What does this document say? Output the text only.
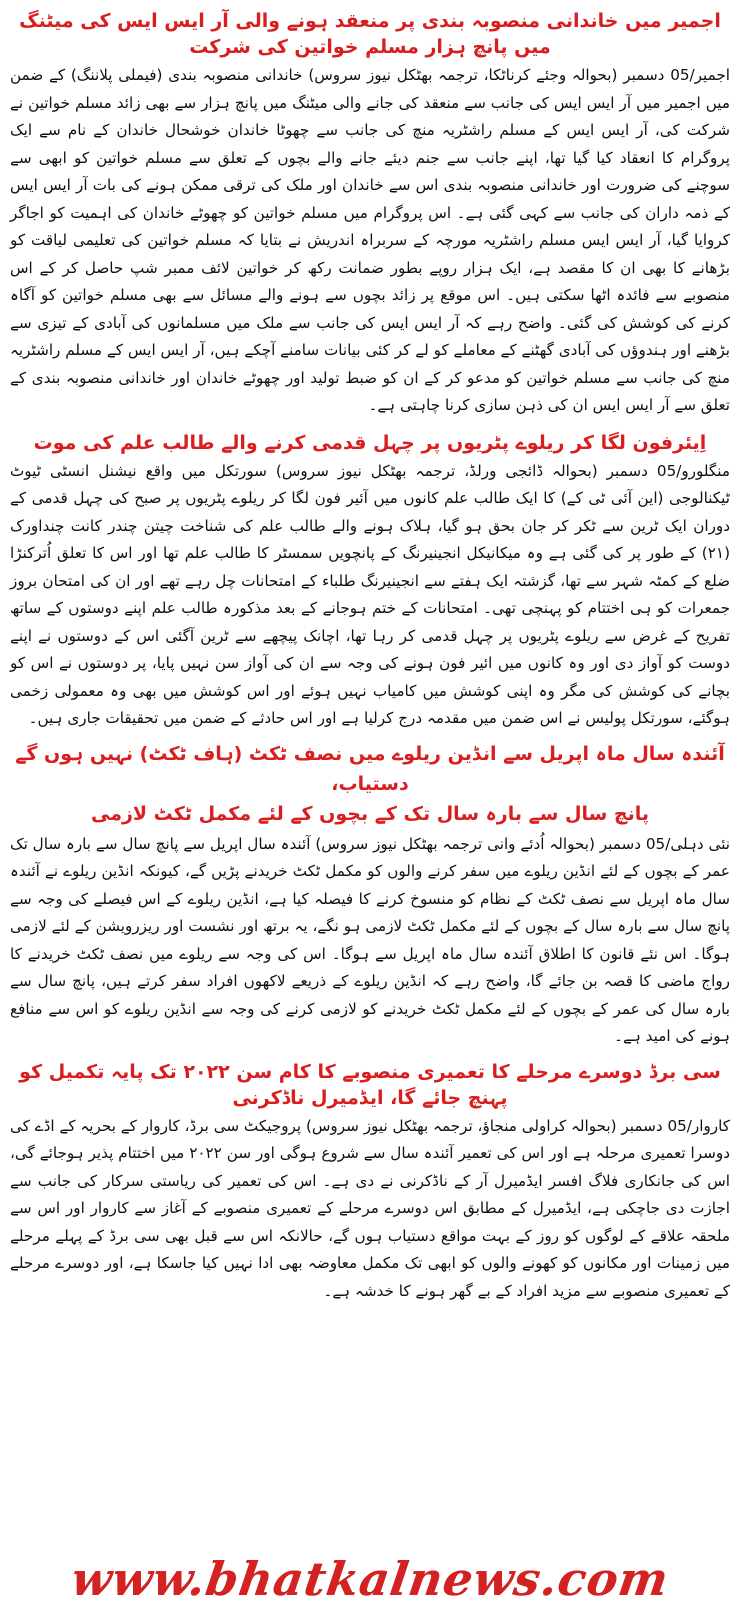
اجمیر میں خاندانی منصوبہ بندی پر منعقد ہونے والی آر ایس ایس کی میٹنگ میں پانچ ہزار مسلم خواتین کی شرکت

اجمیر/05 دسمبر (بحوالہ وجئے کرناٹکا، ترجمہ بھٹکل نیوز سروس) خاندانی منصوبہ بندی (فیملی پلاننگ) کے ضمن میں اجمیر میں آر ایس ایس کی جانب سے منعقد کی جانے والی میٹنگ میں پانچ ہزار سے بھی زائد مسلم خواتین نے شرکت کی، آر ایس ایس کے مسلم راشٹریہ منچ کی جانب سے چھوٹا خاندان خوشحال خاندان کے نام سے ایک پروگرام کا انعقاد کیا گیا تھا، اپنے جانب سے جنم دیئے جانے والے بچوں کے تعلق سے مسلم خواتین کو ابھی سے سوچنے کی ضرورت اور خاندانی منصوبہ بندی اس سے خاندان اور ملک کی ترقی ممکن ہونے کی بات آر ایس ایس کے ذمہ داران کی جانب سے کہی گئی ہے۔ اس پروگرام میں مسلم خواتین کو چھوٹے خاندان کی اہمیت کو اجاگر کروایا گیا، آر ایس ایس مسلم راشٹریہ مورچہ کے سربراہ اندریش نے بتایا کہ مسلم خواتین کی تعلیمی لیاقت کو بڑھانے کا بھی ان کا مقصد ہے، ایک ہزار روپے بطور ضمانت رکھ کر خواتین لائف ممبر شپ حاصل کر کے اس منصوبے سے فائدہ اٹھا سکتی ہیں۔ اس موقع پر زائد بچوں سے ہونے والے مسائل سے بھی مسلم خواتین کو آگاہ کرنے کی کوشش کی گئی۔ واضح رہے کہ آر ایس ایس کی جانب سے ملک میں مسلمانوں کی آبادی کے تیزی سے بڑھنے اور ہندوؤں کی آبادی گھٹنے کے معاملے کو لے کر کئی بیانات سامنے آچکے ہیں، آر ایس ایس کے مسلم راشٹریہ منچ کی جانب سے مسلم خواتین کو مدعو کر کے ان کو ضبط تولید اور چھوٹے خاندان اور خاندانی منصوبہ بندی کے تعلق سے آر ایس ایس ان کی ذہن سازی کرنا چاہتی ہے۔

اِیئرفون لگا کر ریلوے پٹریوں پر چہل قدمی کرنے والے طالب علم کی موت

منگلورو/05 دسمبر (بحوالہ ڈائجی ورلڈ، ترجمہ بھٹکل نیوز سروس) سورتکل میں واقع نیشنل انسٹی ٹیوٹ ٹیکنالوجی (این آئی ٹی کے) کا ایک طالب علم کانوں میں آئیر فون لگا کر ریلوے پٹریوں پر صبح کی چہل قدمی کے دوران ایک ٹرین سے ٹکر کر جان بحق ہو گیا، ہلاک ہونے والے طالب علم کی شناخت چیتن چندر کانت چنداورک (۲۱) کے طور پر کی گئی ہے وہ میکانیکل انجینیرنگ کے پانچویں سمسٹر کا طالب علم تھا اور اس کا تعلق اُترکنڑا ضلع کے کمٹہ شہر سے تھا، گزشتہ ایک ہفتے سے انجینیرنگ طلباء کے امتحانات چل رہے تھے اور ان کی امتحان بروز جمعرات کو ہی اختتام کو پہنچی تھی۔ امتحانات کے ختم ہوجانے کے بعد مذکورہ طالب علم اپنے دوستوں کے ساتھ تفریح کے غرض سے ریلوے پٹریوں پر چہل قدمی کر رہا تھا، اچانک پیچھے سے ٹرین آگئی اس کے دوستوں نے اپنے دوست کو آواز دی اور وہ کانوں میں ائیر فون ہونے کی وجہ سے ان کی آواز سن نہیں پایا، پر دوستوں نے اس کو بچانے کی کوشش کی مگر وہ اپنی کوشش میں کامیاب نہیں ہوئے اور اس کوشش میں بھی وہ معمولی زخمی ہوگئے، سورتکل پولیس نے اس ضمن میں مقدمہ درج کرلیا ہے اور اس حادثے کے ضمن میں تحقیقات جاری ہیں۔

آئندہ سال ماہ اپریل سے انڈین ریلوے میں نصف ٹکٹ (ہاف ٹکٹ) نہیں ہوں گے دستیاب،
پانچ سال سے بارہ سال تک کے بچوں کے لئے مکمل ٹکٹ لازمی

نئی دہلی/05 دسمبر (بحوالہ اُدئے وانی ترجمہ بھٹکل نیوز سروس) آئندہ سال اپریل سے پانچ سال سے بارہ سال تک عمر کے بچوں کے لئے انڈین ریلوے میں سفر کرنے والوں کو مکمل ٹکٹ خریدنے پڑیں گے، کیونکہ انڈین ریلوے نے آئندہ سال ماہ اپریل سے نصف ٹکٹ کے نظام کو منسوخ کرنے کا فیصلہ کیا ہے، انڈین ریلوے کے اس فیصلے کی وجہ سے پانچ سال سے بارہ سال کے بچوں کے لئے مکمل ٹکٹ لازمی ہو نگے، یہ برتھ اور نشست اور ریزرویشن کے لئے لازمی ہوگا۔ اس نئے قانون کا اطلاق آئندہ سال ماہ اپریل سے ہوگا۔ اس کی وجہ سے ریلوے میں نصف ٹکٹ خریدنے کا رواج ماضی کا قصہ بن جائے گا، واضح رہے کہ انڈین ریلوے کے ذریعے لاکھوں افراد سفر کرتے ہیں، پانچ سال سے بارہ سال کی عمر کے بچوں کے لئے مکمل ٹکٹ خریدنے کو لازمی کرنے کی وجہ سے انڈین ریلوے کو اس سے منافع ہونے کی امید ہے۔

سی برڈ دوسرے مرحلے کا تعمیری منصوبے کا کام سن ۲۰۲۲ تک پایہ تکمیل کو پہنچ جائے گا، ایڈمیرل ناڈکرنی

کاروار/05 دسمبر (بحوالہ کراولی منجاؤ، ترجمہ بھٹکل نیوز سروس) پروجیکٹ سی برڈ، کاروار کے بحریہ کے اڈے کی دوسرا تعمیری مرحلہ ہے اور اس کی تعمیر آئندہ سال سے شروع ہوگی اور سن ۲۰۲۲ میں اختتام پذیر ہوجائے گی، اس کی جانکاری فلاگ افسر ایڈمیرل آر کے ناڈکرنی نے دی ہے۔ اس کی تعمیر کی ریاستی سرکار کی جانب سے اجازت دی جاچکی ہے، ایڈمیرل کے مطابق اس دوسرے مرحلے کے تعمیری منصوبے کے آغاز سے کاروار اور اس سے ملحقہ علاقے کے لوگوں کو روز کے بہت مواقع دستیاب ہوں گے، حالانکہ اس سے قبل بھی سی برڈ کے پہلے مرحلے میں زمینات اور مکانوں کو کھونے والوں کو ابھی تک مکمل معاوضہ بھی ادا نہیں کیا جاسکا ہے، اور دوسرے مرحلے کے تعمیری منصوبے سے مزید افراد کے بے گھر ہونے کا خدشہ ہے۔

www.bhatkalnews.com
